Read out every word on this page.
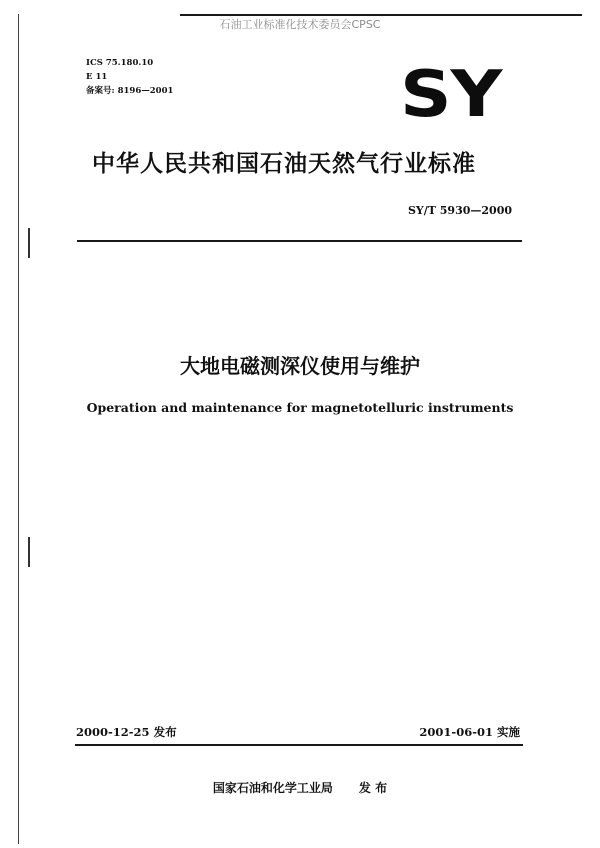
石油工业标准化技术委员会CPSC
ICS 75.180.10
E 11
备案号: 8196—2001	SY
中华人民共和国石油天然气行业标准
SY/T 5930—2000
大地电磁测深仪使用与维护
Operation and maintenance for magnetotelluric instruments
2000-12-25 发布	2001-06-01 实施
国家石油和化学工业局 发 布
